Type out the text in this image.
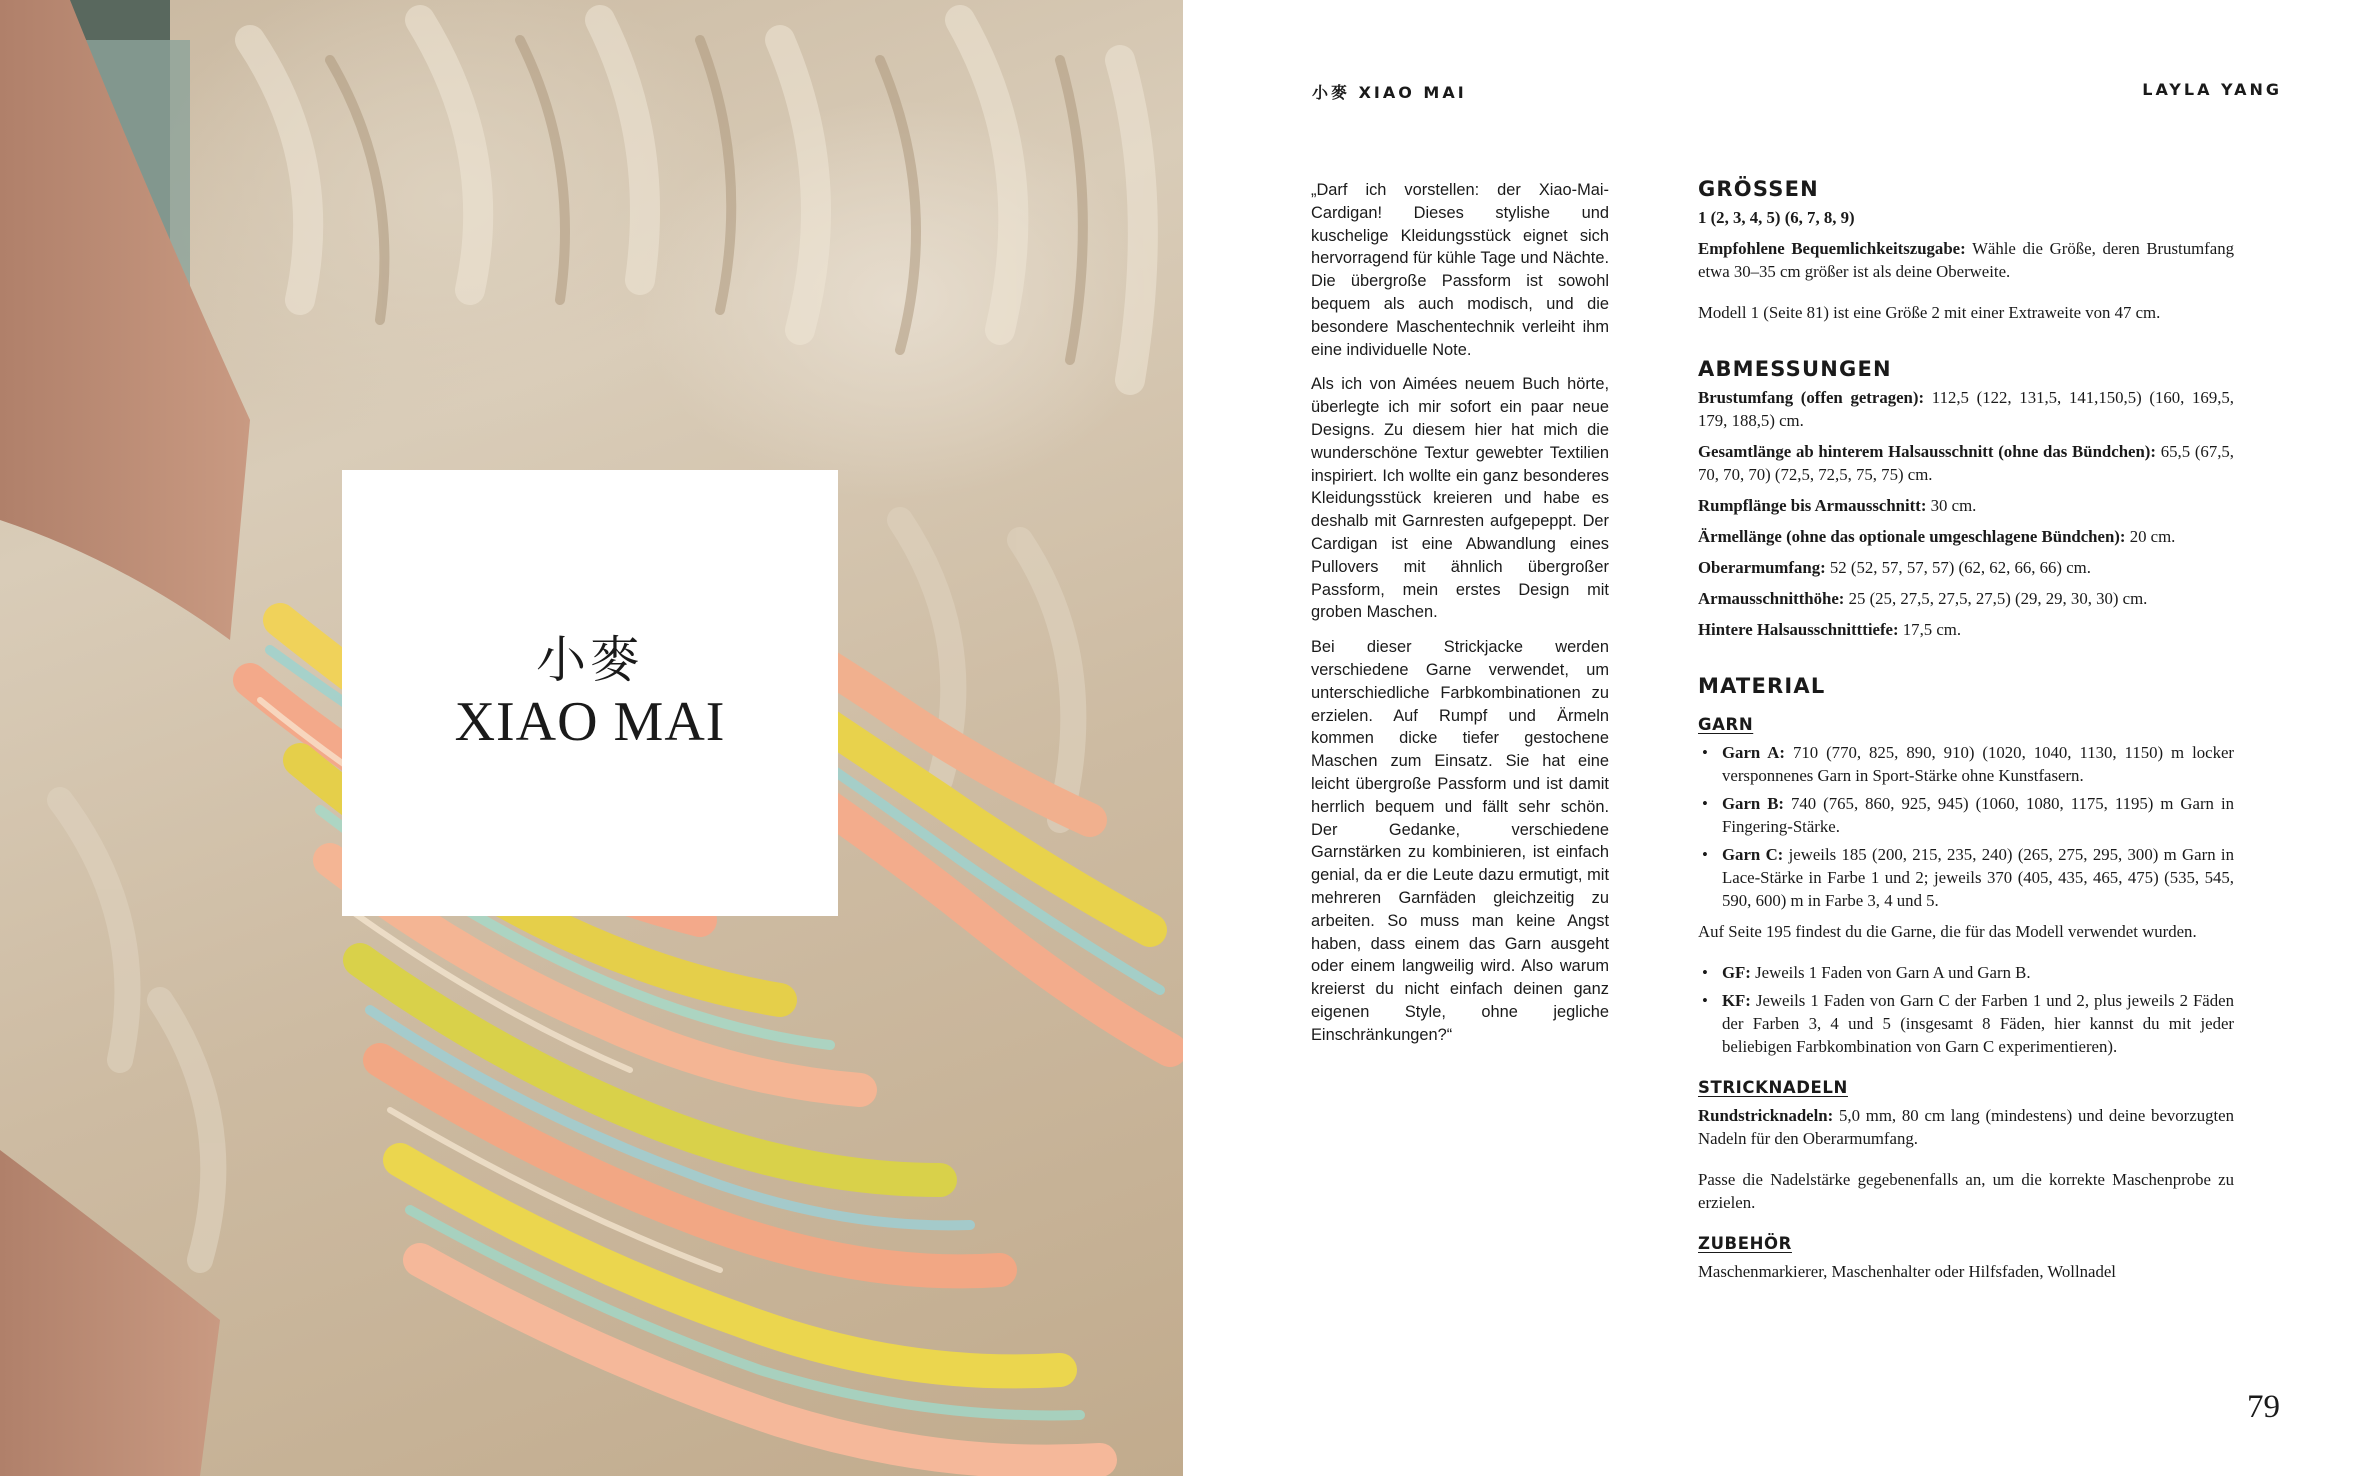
小麥
XIAO MAI
小麥 XIAO MAI	LAYLA YANG

„Darf ich vorstellen: der Xiao-Mai-Cardigan! Dieses stylishe und kuschelige Kleidungsstück eignet sich hervorragend für kühle Tage und Nächte. Die übergroße Passform ist sowohl bequem als auch modisch, und die besondere Maschentechnik verleiht ihm eine individuelle Note.

Als ich von Aimées neuem Buch hörte, überlegte ich mir sofort ein paar neue Designs. Zu diesem hier hat mich die wunderschöne Textur gewebter Textilien inspiriert. Ich wollte ein ganz besonderes Kleidungsstück kreieren und habe es deshalb mit Garnresten aufgepeppt. Der Cardigan ist eine Abwandlung eines Pullovers mit ähnlich übergroßer Passform, mein erstes Design mit groben Maschen.

Bei dieser Strickjacke werden verschiedene Garne verwendet, um unterschiedliche Farbkombinationen zu erzielen. Auf Rumpf und Ärmeln kommen dicke tiefer gestochene Maschen zum Einsatz. Sie hat eine leicht übergroße Passform und ist damit herrlich bequem und fällt sehr schön. Der Gedanke, verschiedene Garnstärken zu kombinieren, ist einfach genial, da er die Leute dazu ermutigt, mit mehreren Garnfäden gleichzeitig zu arbeiten. So muss man keine Angst haben, dass einem das Garn ausgeht oder einem langweilig wird. Also warum kreierst du nicht einfach deinen ganz eigenen Style, ohne jegliche Einschränkungen?“

GRÖSSEN
1 (2, 3, 4, 5) (6, 7, 8, 9)
Empfohlene Bequemlichkeitszugabe: Wähle die Größe, deren Brustumfang etwa 30–35 cm größer ist als deine Oberweite.
Modell 1 (Seite 81) ist eine Größe 2 mit einer Extraweite von 47 cm.
ABMESSUNGEN
Brustumfang (offen getragen): 112,5 (122, 131,5, 141,150,5) (160, 169,5, 179, 188,5) cm.
Gesamtlänge ab hinterem Halsausschnitt (ohne das Bündchen): 65,5 (67,5, 70, 70, 70) (72,5, 72,5, 75, 75) cm.
Rumpflänge bis Armausschnitt: 30 cm.
Ärmellänge (ohne das optionale umgeschlagene Bündchen): 20 cm.
Oberarmumfang: 52 (52, 57, 57, 57) (62, 62, 66, 66) cm.
Armausschnitthöhe: 25 (25, 27,5, 27,5, 27,5) (29, 29, 30, 30) cm.
Hintere Halsausschnitttiefe: 17,5 cm.
MATERIAL
GARN
• Garn A: 710 (770, 825, 890, 910) (1020, 1040, 1130, 1150) m locker versponnenes Garn in Sport-Stärke ohne Kunstfasern.
• Garn B: 740 (765, 860, 925, 945) (1060, 1080, 1175, 1195) m Garn in Fingering-Stärke.
• Garn C: jeweils 185 (200, 215, 235, 240) (265, 275, 295, 300) m Garn in Lace-Stärke in Farbe 1 und 2; jeweils 370 (405, 435, 465, 475) (535, 545, 590, 600) m in Farbe 3, 4 und 5.
Auf Seite 195 findest du die Garne, die für das Modell verwendet wurden.
• GF: Jeweils 1 Faden von Garn A und Garn B.
• KF: Jeweils 1 Faden von Garn C der Farben 1 und 2, plus jeweils 2 Fäden der Farben 3, 4 und 5 (insgesamt 8 Fäden, hier kannst du mit jeder beliebigen Farbkombination von Garn C experimentieren).
STRICKNADELN
Rundstricknadeln: 5,0 mm, 80 cm lang (mindestens) und deine bevorzugten Nadeln für den Oberarmumfang.
Passe die Nadelstärke gegebenenfalls an, um die korrekte Maschenprobe zu erzielen.
ZUBEHÖR
Maschenmarkierer, Maschenhalter oder Hilfsfaden, Wollnadel
79
